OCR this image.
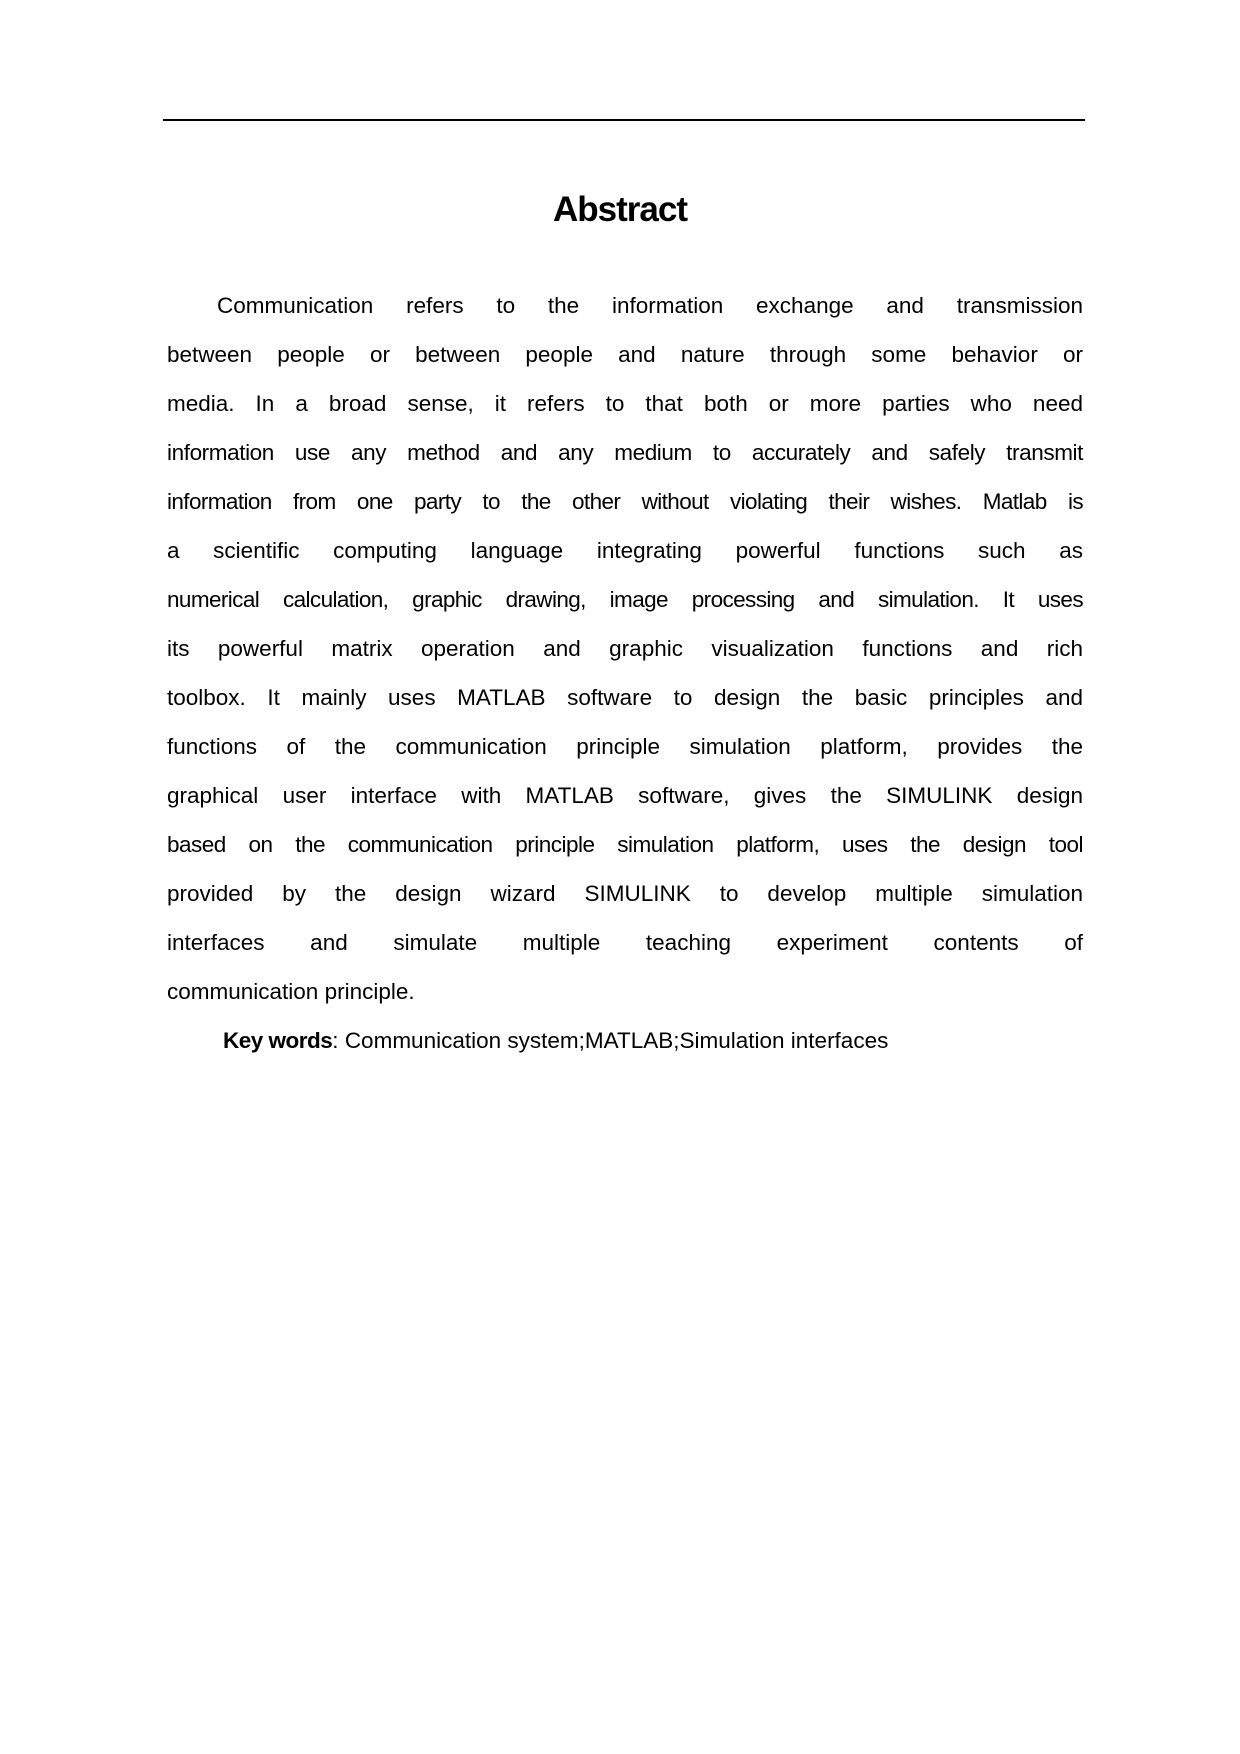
Abstract
Communication refers to the information exchange and transmission
between people or between people and nature through some behavior or
media. In a broad sense, it refers to that both or more parties who need
information use any method and any medium to accurately and safely transmit
information from one party to the other without violating their wishes. Matlab is
a scientific computing language integrating powerful functions such as
numerical calculation, graphic drawing, image processing and simulation. It uses
its powerful matrix operation and graphic visualization functions and rich
toolbox. It mainly uses MATLAB software to design the basic principles and
functions of the communication principle simulation platform, provides the
graphical user interface with MATLAB software, gives the SIMULINK design
based on the communication principle simulation platform, uses the design tool
provided by the design wizard SIMULINK to develop multiple simulation
interfaces and simulate multiple teaching experiment contents of
communication principle.
Key words: Communication system;MATLAB;Simulation interfaces
